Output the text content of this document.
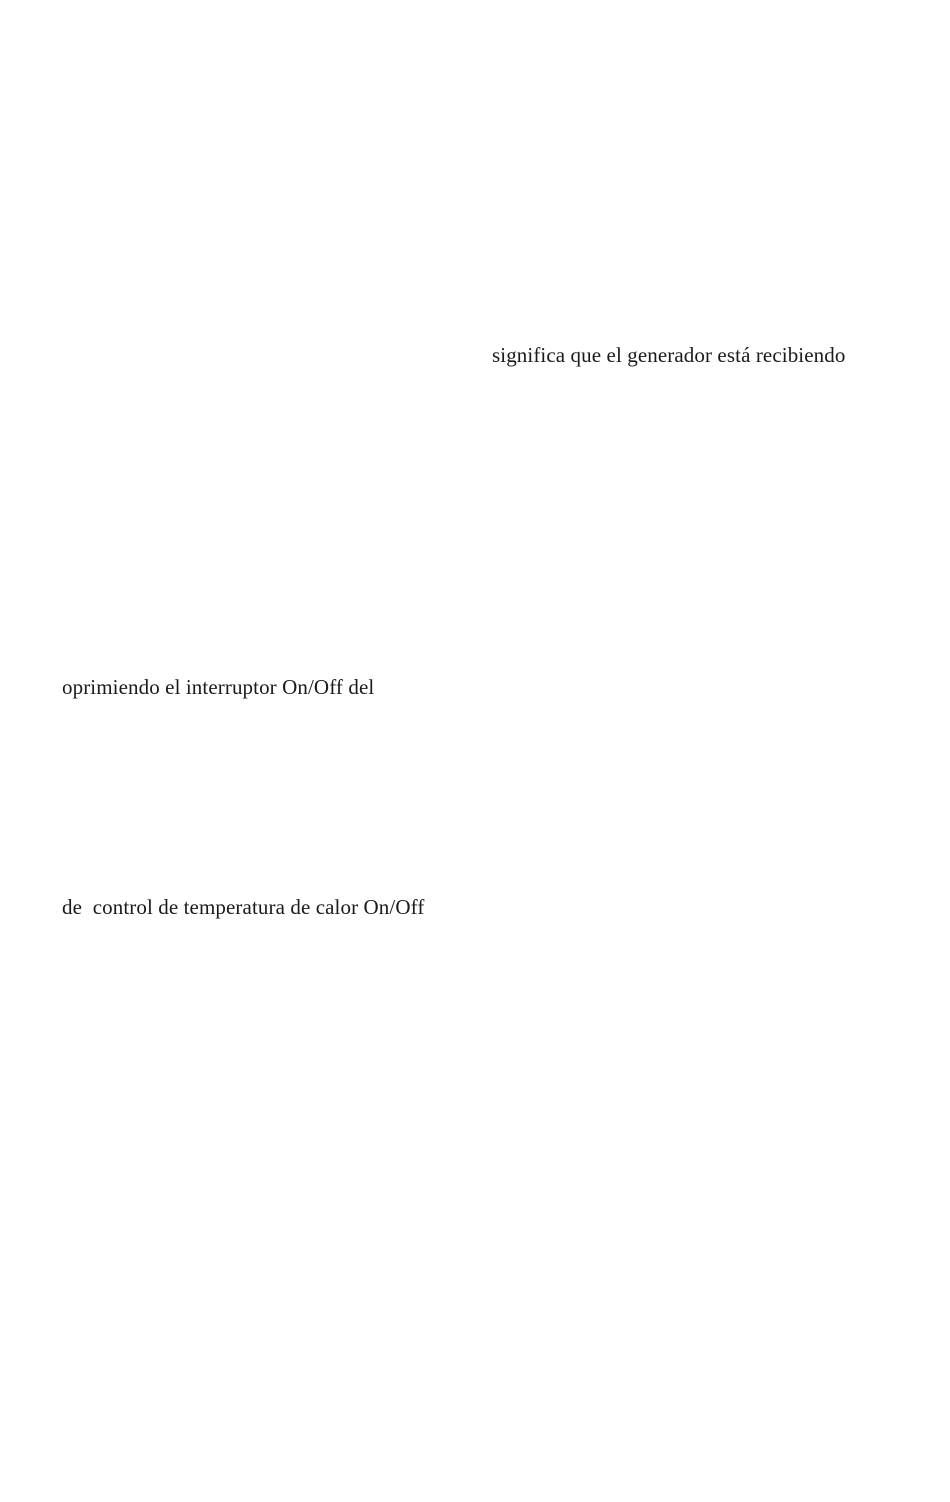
significa que el generador está recibiendo
oprimiendo el interruptor On/Off del
de  control de temperatura de calor On/Off
